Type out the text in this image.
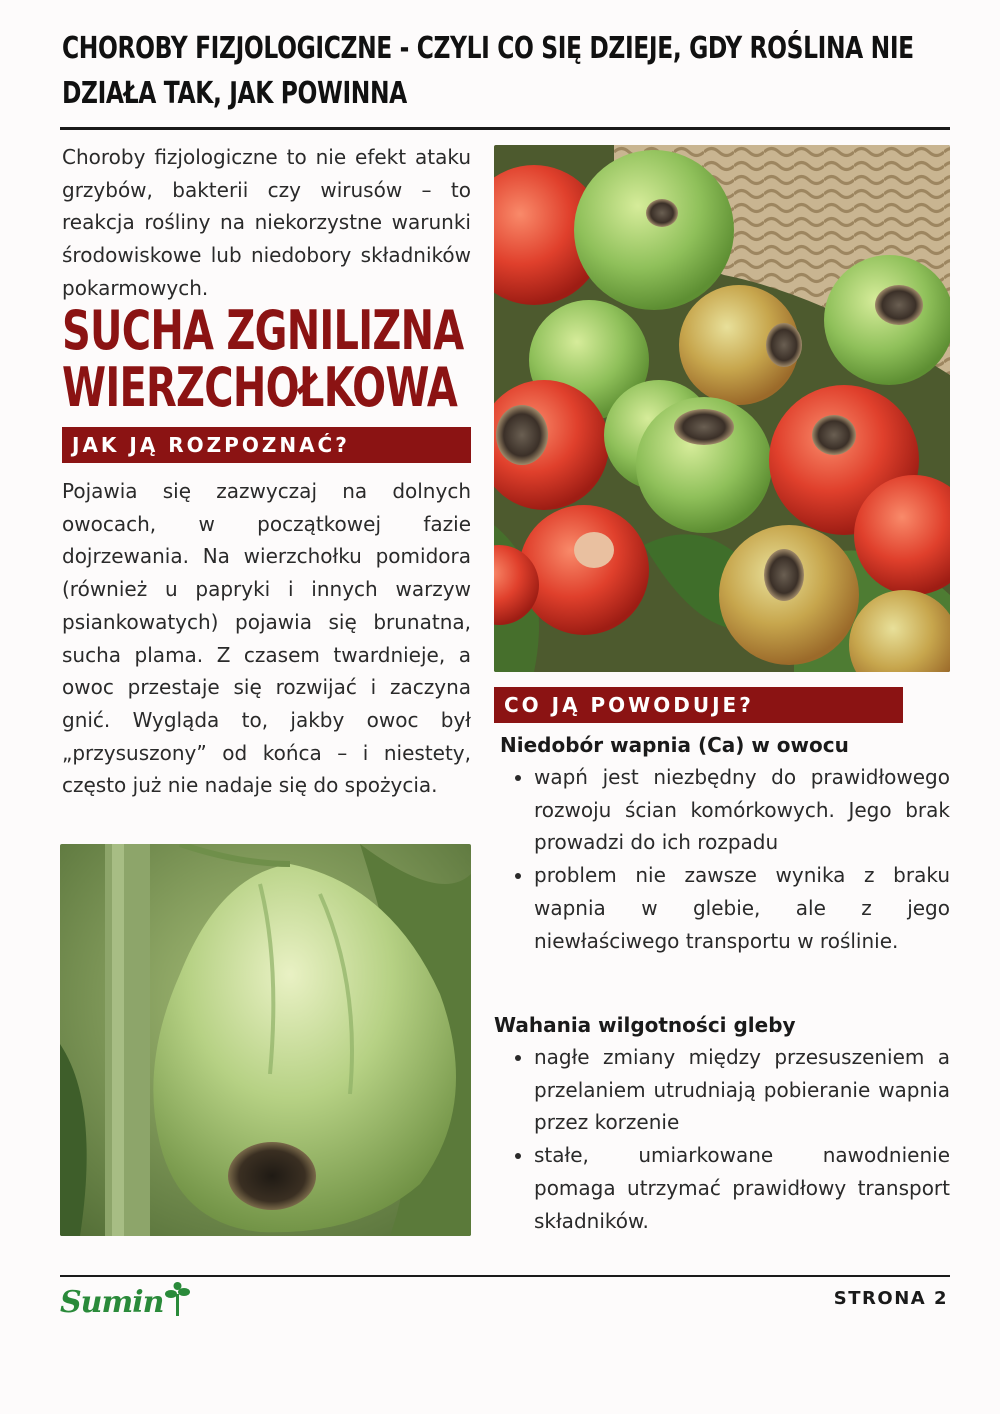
CHOROBY FIZJOLOGICZNE - CZYLI CO SIĘ DZIEJE, GDY ROŚLINA NIE DZIAŁA TAK, JAK POWINNA

Choroby fizjologiczne to nie efekt ataku grzybów, bakterii czy wirusów – to reakcja rośliny na niekorzystne warunki środowiskowe lub niedobory składników pokarmowych.

SUCHA ZGNILIZNA
WIERZCHOŁKOWA
JAK JĄ ROZPOZNAĆ?

Pojawia się zazwyczaj na dolnych owocach, w początkowej fazie dojrzewania. Na wierzchołku pomidora (również u papryki i innych warzyw psiankowatych) pojawia się brunatna, sucha plama. Z czasem twardnieje, a owoc przestaje się rozwijać i zaczyna gnić. Wygląda to, jakby owoc był „przysuszony” od końca – i niestety, często już nie nadaje się do spożycia.

CO JĄ POWODUJE?

Niedobór wapnia (Ca) w owocu

• wapń jest niezbędny do prawidłowego rozwoju ścian komórkowych. Jego brak prowadzi do ich rozpadu
• problem nie zawsze wynika z braku wapnia w glebie, ale z jego niewłaściwego transportu w roślinie.

Wahania wilgotności gleby

• nagłe zmiany między przesuszeniem a przelaniem utrudniają pobieranie wapnia przez korzenie
• stałe, umiarkowane nawodnienie pomaga utrzymać prawidłowy transport składników.
Sumin	STRONA 2
